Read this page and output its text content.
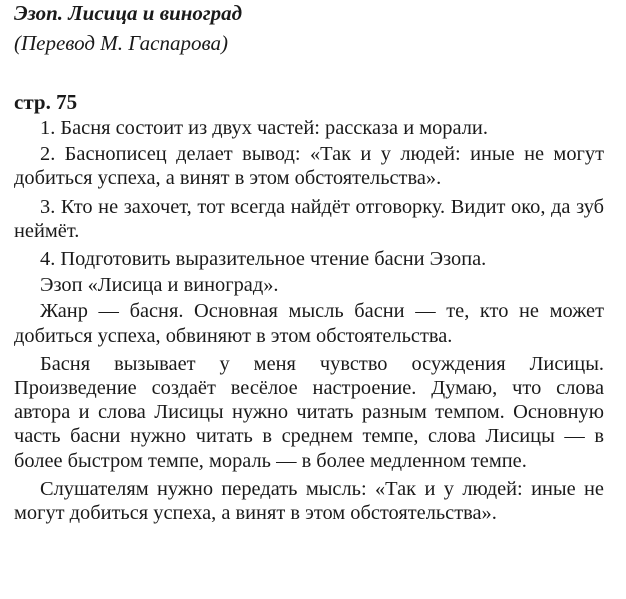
Эзоп. Лисица и виноград
(Перевод М. Гаспарова)
стр. 75

1. Басня состоит из двух частей: рассказа и морали.

2. Баснописец делает вывод: «Так и у людей: иные не могут добиться успеха, а винят в этом обстоятельства».

3. Кто не захочет, тот всегда найдёт отговорку. Видит око, да зуб неймёт.

4. Подготовить выразительное чтение басни Эзопа.

Эзоп «Лисица и виноград».

Жанр — басня. Основная мысль басни — те, кто не может добиться успеха, обвиняют в этом обстоятельства.

Басня вызывает у меня чувство осуждения Лисицы. Произведение создаёт весёлое настроение. Думаю, что слова автора и слова Лисицы нужно читать разным темпом. Основную часть басни нужно читать в среднем темпе, слова Лисицы — в более быстром темпе, мораль — в более медленном темпе.

Слушателям нужно передать мысль: «Так и у людей: иные не могут добиться успеха, а винят в этом обстоятельства».
